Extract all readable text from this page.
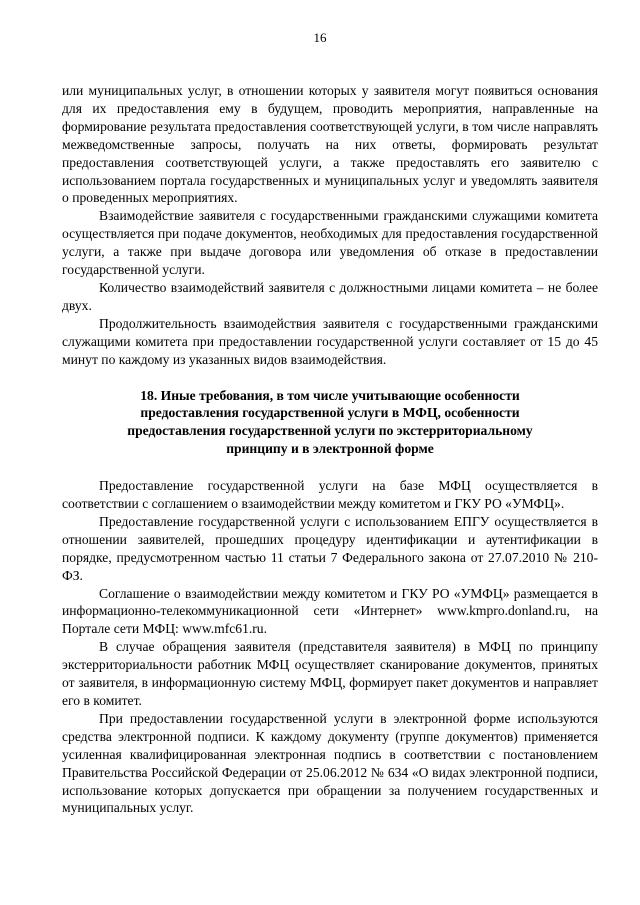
16

или муниципальных услуг, в отношении которых у заявителя могут появиться основания для их предоставления ему в будущем, проводить мероприятия, направленные на формирование результата предоставления соответствующей услуги, в том числе направлять межведомственные запросы, получать на них ответы, формировать результат предоставления соответствующей услуги, а также предоставлять его заявителю с использованием портала государственных и муниципальных услуг и уведомлять заявителя о проведенных мероприятиях.

Взаимодействие заявителя с государственными гражданскими служащими комитета осуществляется при подаче документов, необходимых для предоставления государственной услуги, а также при выдаче договора или уведомления об отказе в предоставлении государственной услуги.

Количество взаимодействий заявителя с должностными лицами комитета – не более двух.

Продолжительность взаимодействия заявителя с государственными гражданскими служащими комитета при предоставлении государственной услуги составляет от 15 до 45 минут по каждому из указанных видов взаимодействия.

18. Иные требования, в том числе учитывающие особенности предоставления государственной услуги в МФЦ, особенности предоставления государственной услуги по экстерриториальному принципу и в электронной форме

Предоставление государственной услуги на базе МФЦ осуществляется в соответствии с соглашением о взаимодействии между комитетом и ГКУ РО «УМФЦ».

Предоставление государственной услуги с использованием ЕПГУ осуществляется в отношении заявителей, прошедших процедуру идентификации и аутентификации в порядке, предусмотренном частью 11 статьи 7 Федерального закона от 27.07.2010 № 210-ФЗ.

Соглашение о взаимодействии между комитетом и ГКУ РО «УМФЦ» размещается в информационно-телекоммуникационной сети «Интернет» www.kmpro.donland.ru, на Портале сети МФЦ: www.mfc61.ru.

В случае обращения заявителя (представителя заявителя) в МФЦ по принципу экстерриториальности работник МФЦ осуществляет сканирование документов, принятых от заявителя, в информационную систему МФЦ, формирует пакет документов и направляет его в комитет.

При предоставлении государственной услуги в электронной форме используются средства электронной подписи. К каждому документу (группе документов) применяется усиленная квалифицированная электронная подпись в соответствии с постановлением Правительства Российской Федерации от 25.06.2012 № 634 «О видах электронной подписи, использование которых допускается при обращении за получением государственных и муниципальных услуг.
